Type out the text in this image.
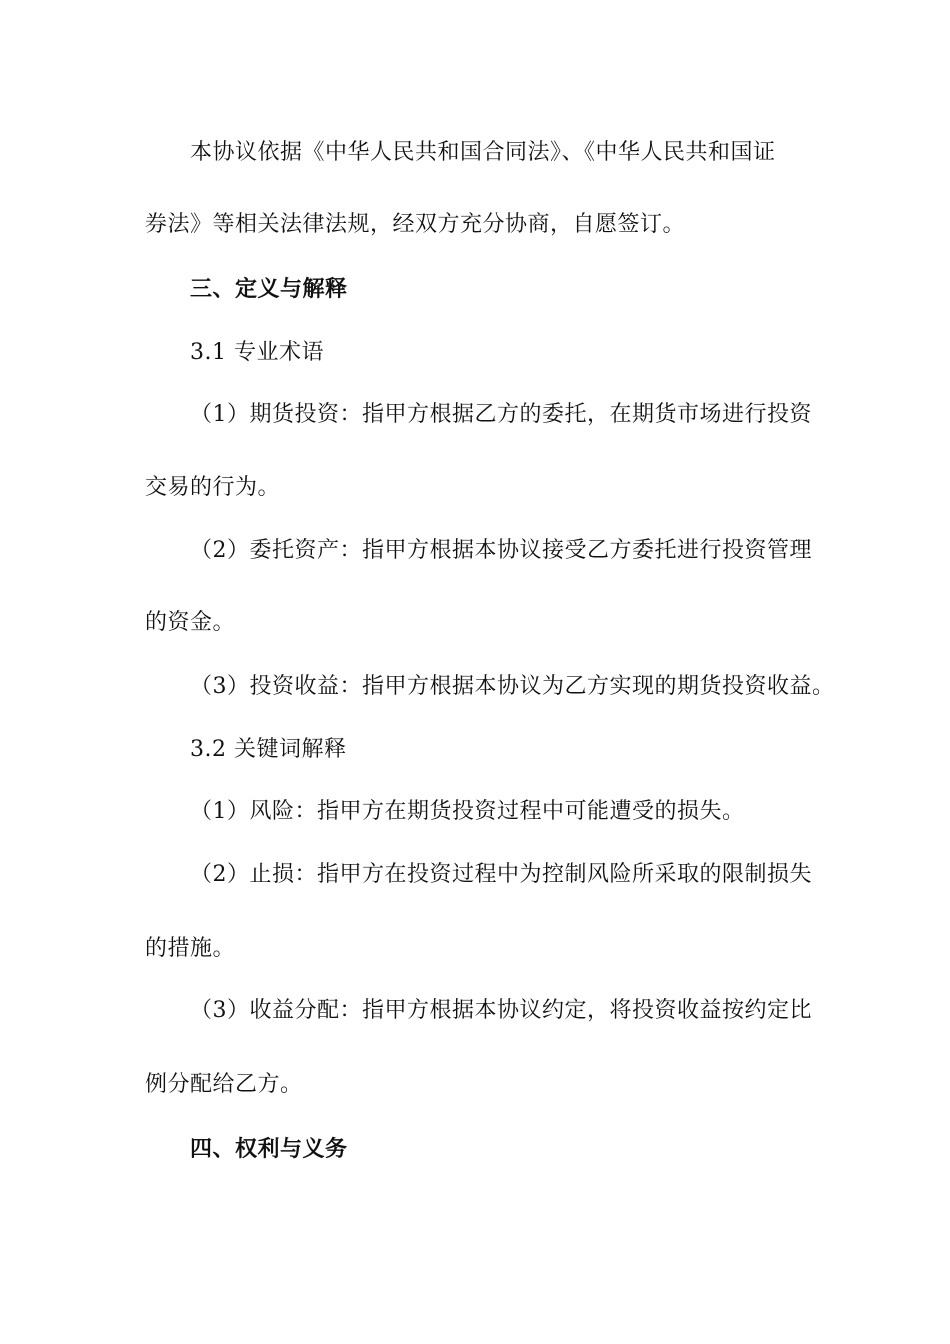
本协议依据《中华人民共和国合同法》、《中华人民共和国证
券法》等相关法律法规，经双方充分协商，自愿签订。
三、定义与解释
3.1 专业术语
（1）期货投资：指甲方根据乙方的委托，在期货市场进行投资
交易的行为。
（2）委托资产：指甲方根据本协议接受乙方委托进行投资管理
的资金。
（3）投资收益：指甲方根据本协议为乙方实现的期货投资收益。
3.2 关键词解释
（1）风险：指甲方在期货投资过程中可能遭受的损失。
（2）止损：指甲方在投资过程中为控制风险所采取的限制损失
的措施。
（3）收益分配：指甲方根据本协议约定，将投资收益按约定比
例分配给乙方。
四、权利与义务
